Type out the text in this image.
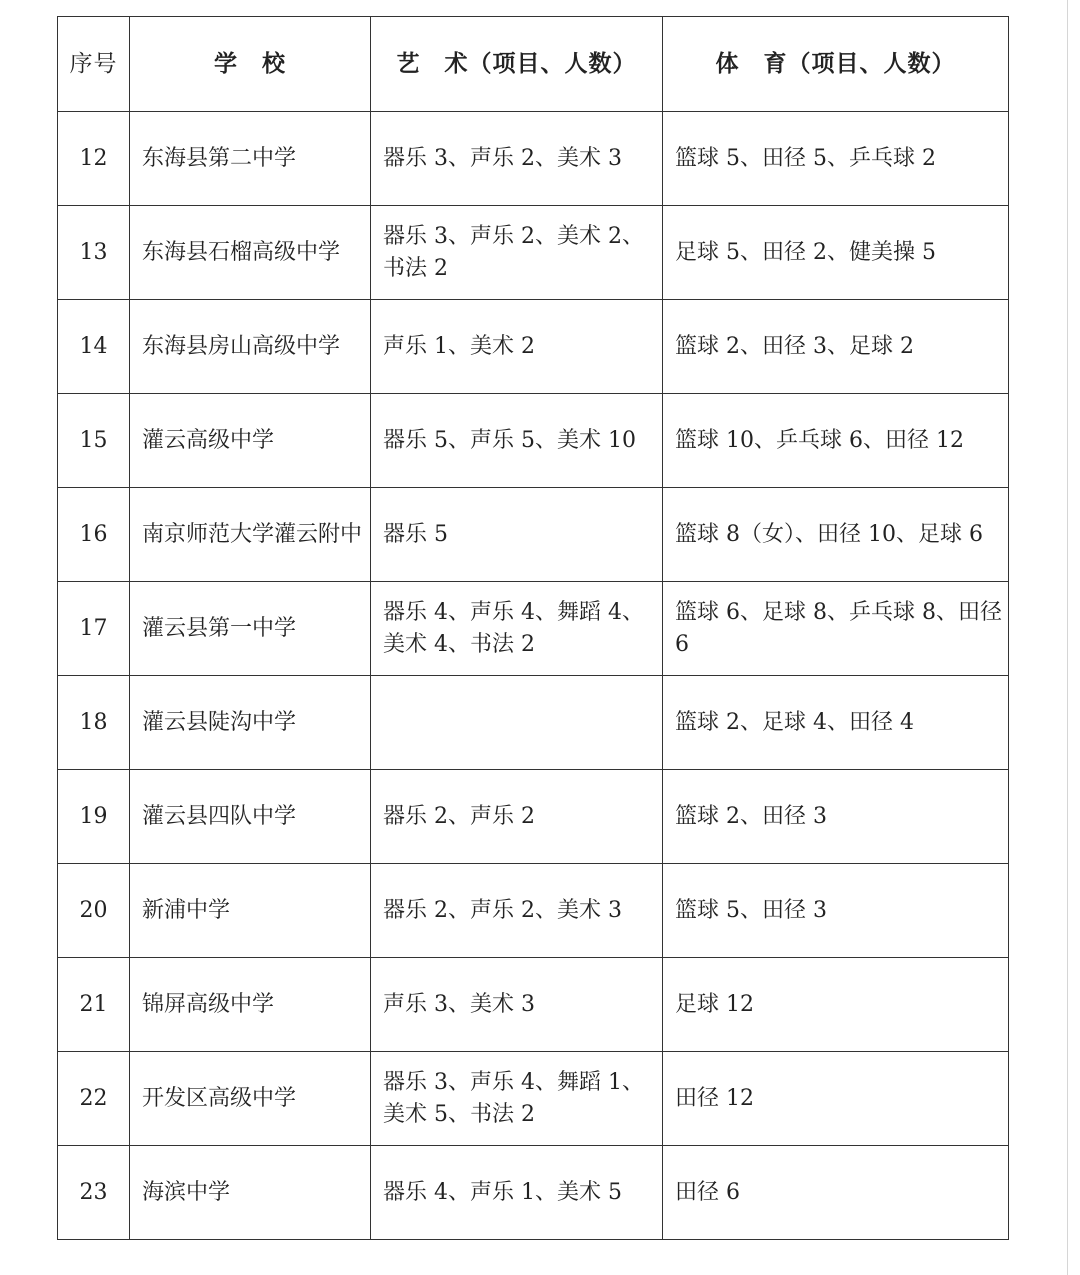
序号	学　校	艺　术（项目、人数）	体　育（项目、人数）
12	东海县第二中学	器乐 3、声乐 2、美术 3	篮球 5、田径 5、乒乓球 2
13	东海县石榴高级中学	器乐 3、声乐 2、美术 2、书法 2	足球 5、田径 2、健美操 5
14	东海县房山高级中学	声乐 1、美术 2	篮球 2、田径 3、足球 2
15	灌云高级中学	器乐 5、声乐 5、美术 10	篮球 10、乒乓球 6、田径 12
16	南京师范大学灌云附中	器乐 5	篮球 8（女）、田径 10、足球 6
17	灌云县第一中学	器乐 4、声乐 4、舞蹈 4、美术 4、书法 2	篮球 6、足球 8、乒乓球 8、田径 6
18	灌云县陡沟中学		篮球 2、足球 4、田径 4
19	灌云县四队中学	器乐 2、声乐 2	篮球 2、田径 3
20	新浦中学	器乐 2、声乐 2、美术 3	篮球 5、田径 3
21	锦屏高级中学	声乐 3、美术 3	足球 12
22	开发区高级中学	器乐 3、声乐 4、舞蹈 1、美术 5、书法 2	田径 12
23	海滨中学	器乐 4、声乐 1、美术 5	田径 6
